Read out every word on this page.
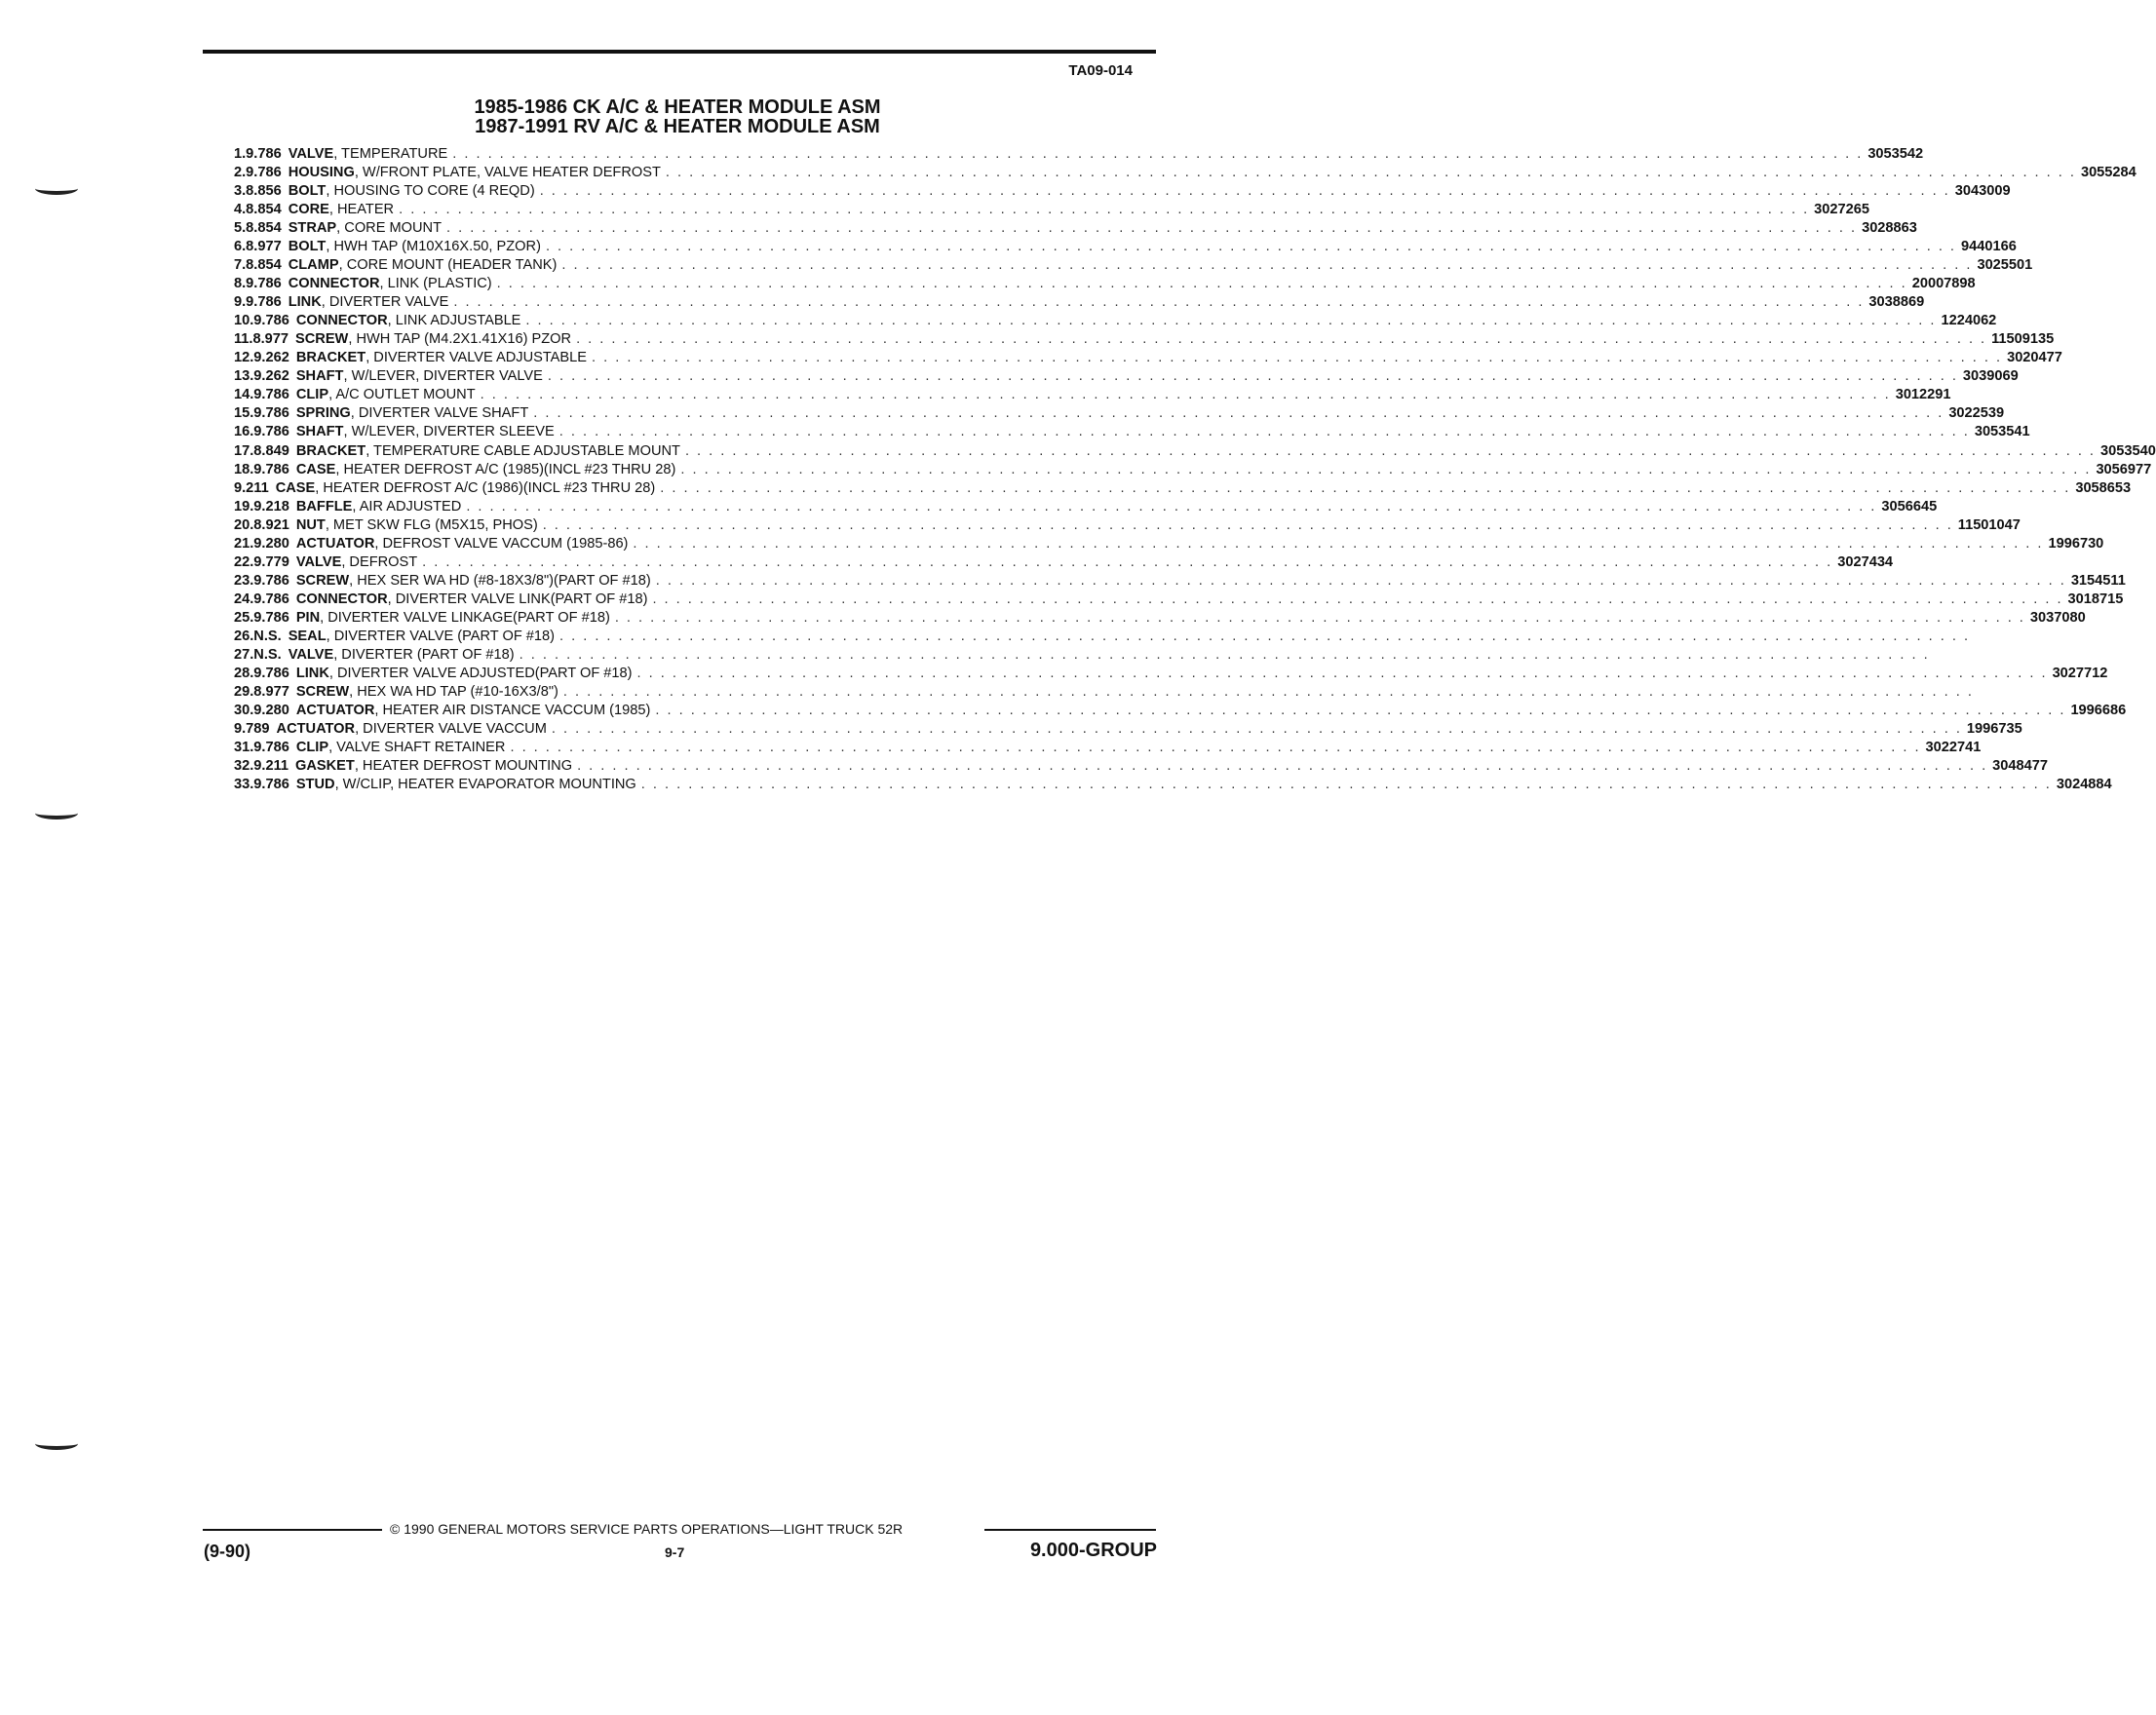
TA09-014
1985-1986 CK A/C & HEATER MODULE ASM
1987-1991 RV A/C & HEATER MODULE ASM
1. 9.786 VALVE , TEMPERATURE . . . . . . . . . . . . . . . . . . . . . . . . . . . . . . . . . . . . . . . . . . . . . . . . . . . . . . . . . . . . . . . . . . . . . . . . . . . . . . . . . . . . . . . . . . . . . . . . . . . . . . . . . . . . . . . . . . . . . . . . 3053542
2. 9.786 HOUSING , W/FRONT PLATE, VALVE HEATER DEFROST . . . . . . . . . . . . . . . . . . . . . . . . . . . . . . . . . . . . . . . . . . . . . . . . . . . . . . . . . . . . . . . . . . . . . . . . . . . . . . . . . . . . . . . . . . . . . . . . . . . . . . . . . . . . . . . . . . . . . . . . 3055284
3. 8.856 BOLT , HOUSING TO CORE (4 REQD) . . . . . . . . . . . . . . . . . . . . . . . . . . . . . . . . . . . . . . . . . . . . . . . . . . . . . . . . . . . . . . . . . . . . . . . . . . . . . . . . . . . . . . . . . . . . . . . . . . . . . . . . . . . . . . . . . . . . . . . . 3043009
4. 8.854 CORE , HEATER . . . . . . . . . . . . . . . . . . . . . . . . . . . . . . . . . . . . . . . . . . . . . . . . . . . . . . . . . . . . . . . . . . . . . . . . . . . . . . . . . . . . . . . . . . . . . . . . . . . . . . . . . . . . . . . . . . . . . . . . 3027265
5. 8.854 STRAP , CORE MOUNT . . . . . . . . . . . . . . . . . . . . . . . . . . . . . . . . . . . . . . . . . . . . . . . . . . . . . . . . . . . . . . . . . . . . . . . . . . . . . . . . . . . . . . . . . . . . . . . . . . . . . . . . . . . . . . . . . . . . . . . . 3028863
6. 8.977 BOLT , HWH TAP (M10X16X.50, PZOR) . . . . . . . . . . . . . . . . . . . . . . . . . . . . . . . . . . . . . . . . . . . . . . . . . . . . . . . . . . . . . . . . . . . . . . . . . . . . . . . . . . . . . . . . . . . . . . . . . . . . . . . . . . . . . . . . . . . . . . . . 9440166
7. 8.854 CLAMP , CORE MOUNT (HEADER TANK) . . . . . . . . . . . . . . . . . . . . . . . . . . . . . . . . . . . . . . . . . . . . . . . . . . . . . . . . . . . . . . . . . . . . . . . . . . . . . . . . . . . . . . . . . . . . . . . . . . . . . . . . . . . . . . . . . . . . . . . . 3025501
8. 9.786 CONNECTOR , LINK (PLASTIC) . . . . . . . . . . . . . . . . . . . . . . . . . . . . . . . . . . . . . . . . . . . . . . . . . . . . . . . . . . . . . . . . . . . . . . . . . . . . . . . . . . . . . . . . . . . . . . . . . . . . . . . . . . . . . . . . . . . . . . . . 20007898
9. 9.786 LINK , DIVERTER VALVE . . . . . . . . . . . . . . . . . . . . . . . . . . . . . . . . . . . . . . . . . . . . . . . . . . . . . . . . . . . . . . . . . . . . . . . . . . . . . . . . . . . . . . . . . . . . . . . . . . . . . . . . . . . . . . . . . . . . . . . . 3038869
10. 9.786 CONNECTOR , LINK ADJUSTABLE . . . . . . . . . . . . . . . . . . . . . . . . . . . . . . . . . . . . . . . . . . . . . . . . . . . . . . . . . . . . . . . . . . . . . . . . . . . . . . . . . . . . . . . . . . . . . . . . . . . . . . . . . . . . . . . . . . . . . . . . 1224062
11. 8.977 SCREW , HWH TAP (M4.2X1.41X16) PZOR . . . . . . . . . . . . . . . . . . . . . . . . . . . . . . . . . . . . . . . . . . . . . . . . . . . . . . . . . . . . . . . . . . . . . . . . . . . . . . . . . . . . . . . . . . . . . . . . . . . . . . . . . . . . . . . . . . . . . . . . 11509135
12. 9.262 BRACKET , DIVERTER VALVE ADJUSTABLE . . . . . . . . . . . . . . . . . . . . . . . . . . . . . . . . . . . . . . . . . . . . . . . . . . . . . . . . . . . . . . . . . . . . . . . . . . . . . . . . . . . . . . . . . . . . . . . . . . . . . . . . . . . . . . . . . . . . . . . . 3020477
13. 9.262 SHAFT , W/LEVER, DIVERTER VALVE . . . . . . . . . . . . . . . . . . . . . . . . . . . . . . . . . . . . . . . . . . . . . . . . . . . . . . . . . . . . . . . . . . . . . . . . . . . . . . . . . . . . . . . . . . . . . . . . . . . . . . . . . . . . . . . . . . . . . . . . 3039069
14. 9.786 CLIP , A/C OUTLET MOUNT . . . . . . . . . . . . . . . . . . . . . . . . . . . . . . . . . . . . . . . . . . . . . . . . . . . . . . . . . . . . . . . . . . . . . . . . . . . . . . . . . . . . . . . . . . . . . . . . . . . . . . . . . . . . . . . . . . . . . . . . 3012291
15. 9.786 SPRING , DIVERTER VALVE SHAFT . . . . . . . . . . . . . . . . . . . . . . . . . . . . . . . . . . . . . . . . . . . . . . . . . . . . . . . . . . . . . . . . . . . . . . . . . . . . . . . . . . . . . . . . . . . . . . . . . . . . . . . . . . . . . . . . . . . . . . . . 3022539
16. 9.786 SHAFT , W/LEVER, DIVERTER SLEEVE . . . . . . . . . . . . . . . . . . . . . . . . . . . . . . . . . . . . . . . . . . . . . . . . . . . . . . . . . . . . . . . . . . . . . . . . . . . . . . . . . . . . . . . . . . . . . . . . . . . . . . . . . . . . . . . . . . . . . . . . 3053541
17. 8.849 BRACKET , TEMPERATURE CABLE ADJUSTABLE MOUNT . . . . . . . . . . . . . . . . . . . . . . . . . . . . . . . . . . . . . . . . . . . . . . . . . . . . . . . . . . . . . . . . . . . . . . . . . . . . . . . . . . . . . . . . . . . . . . . . . . . . . . . . . . . . . . . . . . . . . . . . 3053540
18. 9.786 CASE , HEATER DEFROST A/C (1985)(INCL #23 THRU 28) . . . . . . . . . . . . . . . . . . . . . . . . . . . . . . . . . . . . . . . . . . . . . . . . . . . . . . . . . . . . . . . . . . . . . . . . . . . . . . . . . . . . . . . . . . . . . . . . . . . . . . . . . . . . . . . . . . . . . . . . 3056977
9.211 CASE , HEATER DEFROST A/C (1986)(INCL #23 THRU 28) . . . . . . . . . . . . . . . . . . . . . . . . . . . . . . . . . . . . . . . . . . . . . . . . . . . . . . . . . . . . . . . . . . . . . . . . . . . . . . . . . . . . . . . . . . . . . . . . . . . . . . . . . . . . . . . . . . . . . . . . 3058653
19. 9.218 BAFFLE , AIR ADJUSTED . . . . . . . . . . . . . . . . . . . . . . . . . . . . . . . . . . . . . . . . . . . . . . . . . . . . . . . . . . . . . . . . . . . . . . . . . . . . . . . . . . . . . . . . . . . . . . . . . . . . . . . . . . . . . . . . . . . . . . . . 3056645
20. 8.921 NUT , MET SKW FLG (M5X15, PHOS) . . . . . . . . . . . . . . . . . . . . . . . . . . . . . . . . . . . . . . . . . . . . . . . . . . . . . . . . . . . . . . . . . . . . . . . . . . . . . . . . . . . . . . . . . . . . . . . . . . . . . . . . . . . . . . . . . . . . . . . . 11501047
21. 9.280 ACTUATOR , DEFROST VALVE VACCUM (1985-86) . . . . . . . . . . . . . . . . . . . . . . . . . . . . . . . . . . . . . . . . . . . . . . . . . . . . . . . . . . . . . . . . . . . . . . . . . . . . . . . . . . . . . . . . . . . . . . . . . . . . . . . . . . . . . . . . . . . . . . . . 1996730
22. 9.779 VALVE , DEFROST . . . . . . . . . . . . . . . . . . . . . . . . . . . . . . . . . . . . . . . . . . . . . . . . . . . . . . . . . . . . . . . . . . . . . . . . . . . . . . . . . . . . . . . . . . . . . . . . . . . . . . . . . . . . . . . . . . . . . . . . 3027434
23. 9.786 SCREW , HEX SER WA HD (#8-18X3/8")(PART OF #18) . . . . . . . . . . . . . . . . . . . . . . . . . . . . . . . . . . . . . . . . . . . . . . . . . . . . . . . . . . . . . . . . . . . . . . . . . . . . . . . . . . . . . . . . . . . . . . . . . . . . . . . . . . . . . . . . . . . . . . . . 3154511
24. 9.786 CONNECTOR , DIVERTER VALVE LINK(PART OF #18) . . . . . . . . . . . . . . . . . . . . . . . . . . . . . . . . . . . . . . . . . . . . . . . . . . . . . . . . . . . . . . . . . . . . . . . . . . . . . . . . . . . . . . . . . . . . . . . . . . . . . . . . . . . . . . . . . . . . . . . . 3018715
25. 9.786 PIN , DIVERTER VALVE LINKAGE(PART OF #18) . . . . . . . . . . . . . . . . . . . . . . . . . . . . . . . . . . . . . . . . . . . . . . . . . . . . . . . . . . . . . . . . . . . . . . . . . . . . . . . . . . . . . . . . . . . . . . . . . . . . . . . . . . . . . . . . . . . . . . . . 3037080
26. N.S. SEAL , DIVERTER VALVE (PART OF #18) . . . . . . . . . . . . . . . . . . . . . . . . . . . . . . . . . . . . . . . . . . . . . . . . . . . . . . . . . . . . . . . . . . . . . . . . . . . . . . . . . . . . . . . . . . . . . . . . . . . . . . . . . . . . . . . . . . . . . . . .
27. N.S. VALVE , DIVERTER (PART OF #18) . . . . . . . . . . . . . . . . . . . . . . . . . . . . . . . . . . . . . . . . . . . . . . . . . . . . . . . . . . . . . . . . . . . . . . . . . . . . . . . . . . . . . . . . . . . . . . . . . . . . . . . . . . . . . . . . . . . . . . . .
28. 9.786 LINK , DIVERTER VALVE ADJUSTED(PART OF #18) . . . . . . . . . . . . . . . . . . . . . . . . . . . . . . . . . . . . . . . . . . . . . . . . . . . . . . . . . . . . . . . . . . . . . . . . . . . . . . . . . . . . . . . . . . . . . . . . . . . . . . . . . . . . . . . . . . . . . . . . 3027712
29. 8.977 SCREW , HEX WA HD TAP (#10-16X3/8") . . . . . . . . . . . . . . . . . . . . . . . . . . . . . . . . . . . . . . . . . . . . . . . . . . . . . . . . . . . . . . . . . . . . . . . . . . . . . . . . . . . . . . . . . . . . . . . . . . . . . . . . . . . . . . . . . . . . . . . .
30. 9.280 ACTUATOR , HEATER AIR DISTANCE VACCUM (1985) . . . . . . . . . . . . . . . . . . . . . . . . . . . . . . . . . . . . . . . . . . . . . . . . . . . . . . . . . . . . . . . . . . . . . . . . . . . . . . . . . . . . . . . . . . . . . . . . . . . . . . . . . . . . . . . . . . . . . . . . 1996686
9.789 ACTUATOR , DIVERTER VALVE VACCUM . . . . . . . . . . . . . . . . . . . . . . . . . . . . . . . . . . . . . . . . . . . . . . . . . . . . . . . . . . . . . . . . . . . . . . . . . . . . . . . . . . . . . . . . . . . . . . . . . . . . . . . . . . . . . . . . . . . . . . . . 1996735
31. 9.786 CLIP , VALVE SHAFT RETAINER . . . . . . . . . . . . . . . . . . . . . . . . . . . . . . . . . . . . . . . . . . . . . . . . . . . . . . . . . . . . . . . . . . . . . . . . . . . . . . . . . . . . . . . . . . . . . . . . . . . . . . . . . . . . . . . . . . . . . . . . 3022741
32. 9.211 GASKET , HEATER DEFROST MOUNTING . . . . . . . . . . . . . . . . . . . . . . . . . . . . . . . . . . . . . . . . . . . . . . . . . . . . . . . . . . . . . . . . . . . . . . . . . . . . . . . . . . . . . . . . . . . . . . . . . . . . . . . . . . . . . . . . . . . . . . . . 3048477
33. 9.786 STUD , W/CLIP, HEATER EVAPORATOR MOUNTING . . . . . . . . . . . . . . . . . . . . . . . . . . . . . . . . . . . . . . . . . . . . . . . . . . . . . . . . . . . . . . . . . . . . . . . . . . . . . . . . . . . . . . . . . . . . . . . . . . . . . . . . . . . . . . . . . . . . . . . . 3024884
© 1990 GENERAL MOTORS SERVICE PARTS OPERATIONS—LIGHT TRUCK 52R
(9-90)	9-7	9.000-GROUP
